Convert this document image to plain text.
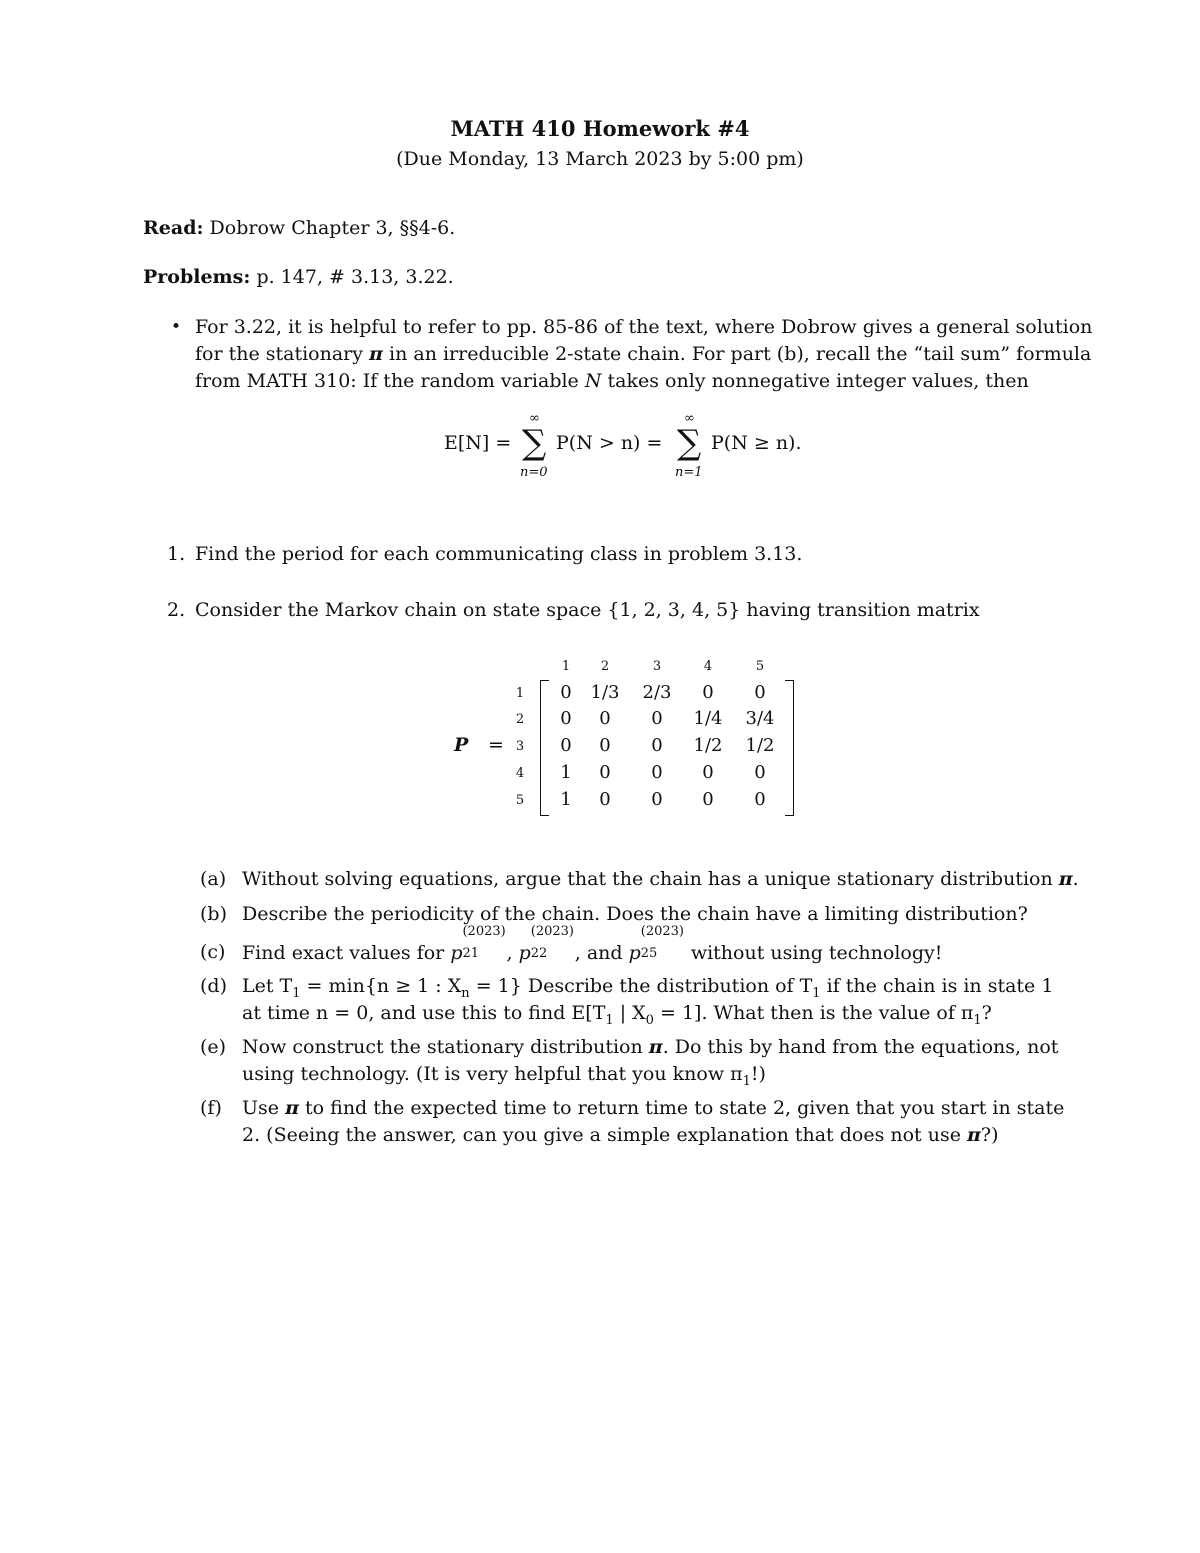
MATH 410 Homework #4
(Due Monday, 13 March 2023 by 5:00 pm)
Read: Dobrow Chapter 3, §§4-6.
Problems: p. 147, # 3.13, 3.22.
• For 3.22, it is helpful to refer to pp. 85-86 of the text, where Dobrow gives a general solution
for the stationary π in an irreducible 2-state chain. For part (b), recall the “tail sum” formula
from MATH 310: If the random variable N takes only nonnegative integer values, then
E[N] =
∞
∑
n=0
P(N > n) =
∞
∑
n=1
P(N ≥ n).
1. Find the period for each communicating class in problem 3.13.
2. Consider the Markov chain on state space {1, 2, 3, 4, 5} having transition matrix
P =
1	2	3	4	5
1
2
3
4
5
0	1/3	2/3	0	0
0	0	0	1/4	3/4
0	0	0	1/2	1/2
1	0	0	0	0
1	0	0	0	0
(a) Without solving equations, argue that the chain has a unique stationary distribution π.
(b) Describe the periodicity of the chain. Does the chain have a limiting distribution?
(c) Find exact values for p
(2023)
21 , p
(2023)
22 , and p
(2023)
25 without using technology!
(d) Let $T_1 = \min\{n \ge 1$ : $X_n = 1$} Describe the distribution of $T_1$ if the chain is in state 1
at time n = 0, and use this to find $E[T_1$ | $X_0 = 1$]. What then is the value of $\pi_1$?
(e) Now construct the stationary distribution π. Do this by hand from the equations, not
using technology. (It is very helpful that you know $\pi_1$!)
(f) Use π to find the expected time to return time to state 2, given that you start in state
2. (Seeing the answer, can you give a simple explanation that does not use π?)
